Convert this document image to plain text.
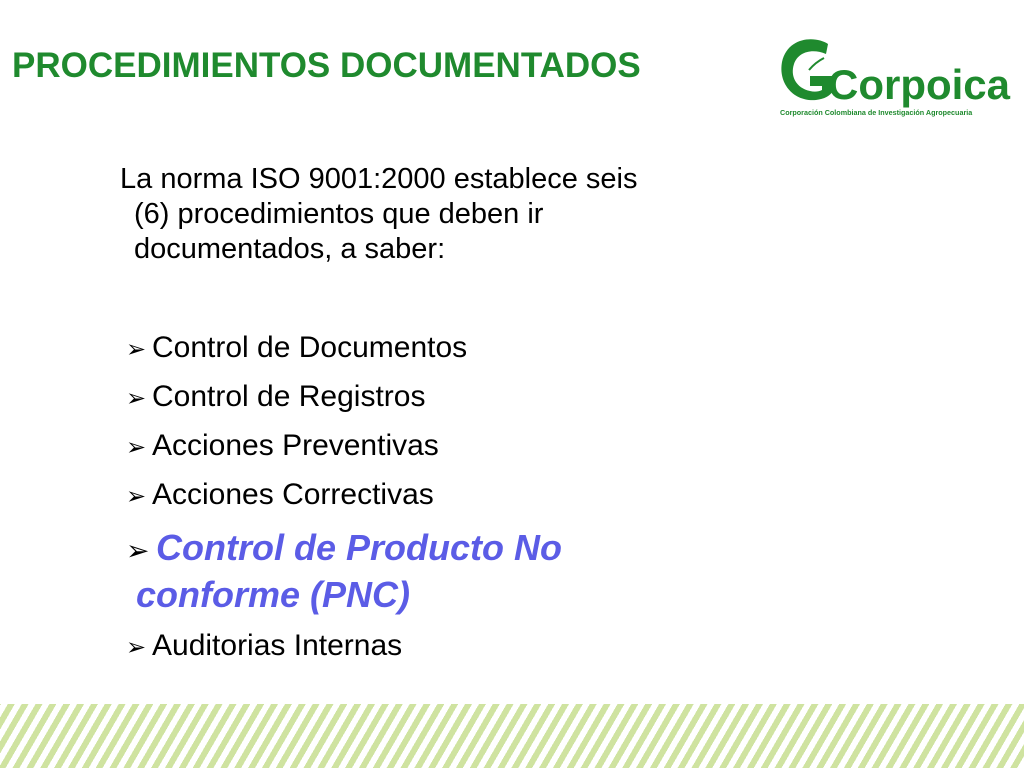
PROCEDIMIENTOS DOCUMENTADOS	Corpoica
Corporación Colombiana de Investigación Agropecuaria
La norma ISO 9001:2000 establece seis
(6) procedimientos que deben ir
documentados, a saber:
➢ Control de Documentos
➢ Control de Registros
➢ Acciones Preventivas
➢ Acciones Correctivas
➢ Control de Producto No
conforme (PNC)
➢ Auditorias Internas
